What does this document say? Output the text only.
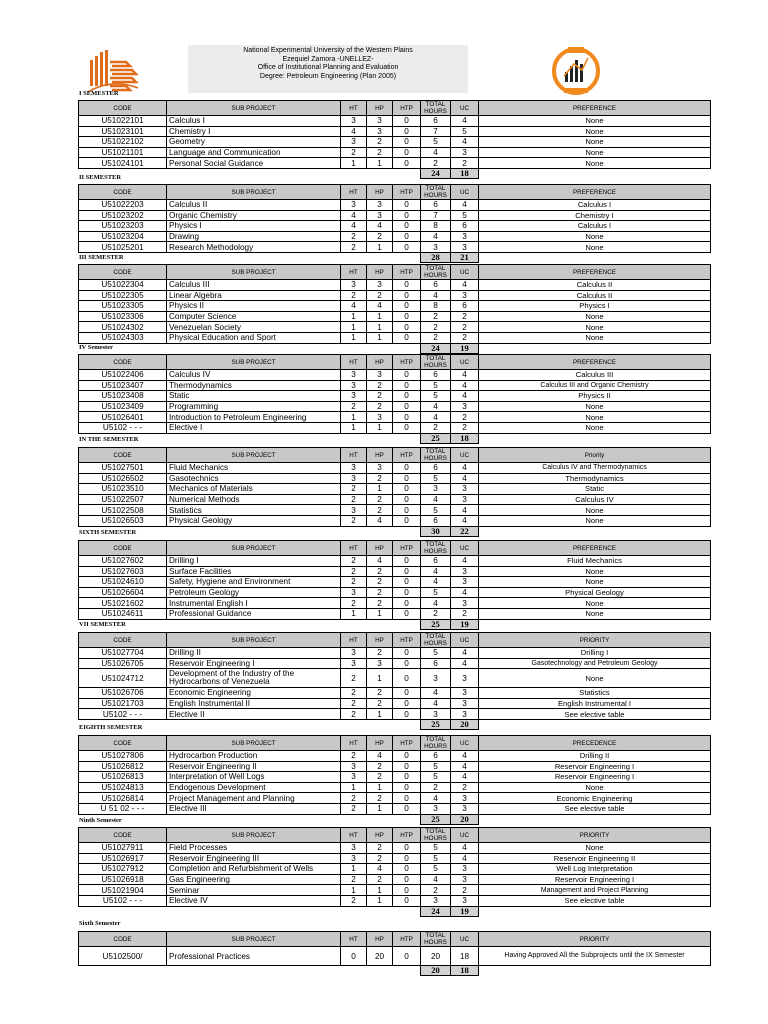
National Experimental University of the Western Plains
Ezequiel Zamora -UNELLEZ-
Office of Institutional Planning and Evaluation
Degree: Petroleum Engineering (Plan 2005)
I SEMESTER
CODE	SUB PROJECT	HT	HP	HTP	TOTAL HOURS	UC	PREFERENCE
U51022101	Calculus I	3	3	0	6	4	None
U51023101	Chemistry I	4	3	0	7	5	None
U51022102	Geometry	3	2	0	5	4	None
U51021101	Language and Communication	2	2	0	4	3	None
U51024101	Personal Social Guidance	1	1	0	2	2	None
					24	18	
II SEMESTER
CODE	SUB PROJECT	HT	HP	HTP	TOTAL HOURS	UC	PREFERENCE
U51022203	Calculus II	3	3	0	6	4	Calculus I
U51023202	Organic Chemistry	4	3	0	7	5	Chemistry I
U51023203	Physics I	4	4	0	8	6	Calculus I
U51023204	Drawing	2	2	0	4	3	None
U51025201	Research Methodology	2	1	0	3	3	None
					28	21	
III SEMESTER
CODE	SUB PROJECT	HT	HP	HTP	TOTAL HOURS	UC	PREFERENCE
U51022304	Calculus III	3	3	0	6	4	Calculus II
U51022305	Linear Algebra	2	2	0	4	3	Calculus II
U51023305	Physics II	4	4	0	8	6	Physics I
U51023306	Computer Science	1	1	0	2	2	None
U51024302	Venezuelan Society	1	1	0	2	2	None
U51024303	Physical Education and Sport	1	1	0	2	2	None
					24	19	
IV Semester
CODE	SUB PROJECT	HT	HP	HTP	TOTAL HOURS	UC	PREFERENCE
U51022406	Calculus IV	3	3	0	6	4	Calculus III
U51023407	Thermodynamics	3	2	0	5	4	Calculus III and Organic Chemistry
U51023408	Static	3	2	0	5	4	Physics II
U51023409	Programming	2	2	0	4	3	None
U51026401	Introduction to Petroleum Engineering	1	3	0	4	2	None
U5102 - - -	Elective I	1	1	0	2	2	None
					25	18	
IN THE SEMESTER
CODE	SUB PROJECT	HT	HP	HTP	TOTAL HOURS	UC	Priority
U51027501	Fluid Mechanics	3	3	0	6	4	Calculus IV and Thermodynamics
U51026502	Gasotechnics	3	2	0	5	4	Thermodynamics
U51023510	Mechanics of Materials	2	1	0	3	3	Static
U51022507	Numerical Methods	2	2	0	4	3	Calculus IV
U51022508	Statistics	3	2	0	5	4	None
U51026503	Physical Geology	2	4	0	6	4	None
					30	22	
SIXTH SEMESTER
CODE	SUB PROJECT	HT	HP	HTP	TOTAL HOURS	UC	PREFERENCE
U51027602	Drilling I	2	4	0	6	4	Fluid Mechanics
U51027603	Surface Facilities	2	2	0	4	3	None
U51024610	Safety, Hygiene and Environment	2	2	0	4	3	None
U51026604	Petroleum Geology	3	2	0	5	4	Physical Geology
U51021602	Instrumental English I	2	2	0	4	3	None
U51024611	Professional Guidance	1	1	0	2	2	None
					25	19	
VII SEMESTER
CODE	SUB PROJECT	HT	HP	HTP	TOTAL HOURS	UC	PRIORITY
U51027704	Drilling II	3	2	0	5	4	Drilling I
U51026705	Reservoir Engineering I	3	3	0	6	4	Gasotechnology and Petroleum Geology
U51024712	Development of the Industry of the Hydrocarbons of Venezuela	2	1	0	3	3	None
U51026706	Economic Engineering	2	2	0	4	3	Statistics
U51021703	English Instrumental II	2	2	0	4	3	English Instrumental I
U5102 - - -	Elective II	2	1	0	3	3	See elective table
					25	20	
EIGHTH SEMESTER
CODE	SUB PROJECT	HT	HP	HTP	TOTAL HOURS	UC	PRECEDENCE
U51027806	Hydrocarbon Production	2	4	0	6	4	Drilling II
U51026812	Reservoir Engineering II	3	2	0	5	4	Reservoir Engineering I
U51026813	Interpretation of Well Logs	3	2	0	5	4	Reservoir Engineering I
U51024813	Endogenous Development	1	1	0	2	2	None
U51026814	Project Management and Planning	2	2	0	4	3	Economic Engineering
U 51 02 - - -	Elective III	2	1	0	3	3	See elective table
					25	20	
Ninth Semester
CODE	SUB PROJECT	HT	HP	HTP	TOTAL HOURS	UC	PRIORITY
U51027911	Field Processes	3	2	0	5	4	None
U51026917	Reservoir Engineering III	3	2	0	5	4	Reservoir Engineering II
U51027912	Completion and Refurbishment of Wells	1	4	0	5	3	Well Log Interpretation
U51026918	Gas Engineering	2	2	0	4	3	Reservoir Engineering I
U51021904	Seminar	1	1	0	2	2	Management and Project Planning
U5102 - - -	Elective IV	2	1	0	3	3	See elective table
					24	19	
Sixth Semester
CODE	SUB PROJECT	HT	HP	HTP	TOTAL HOURS	UC	PRIORITY
U5102500/	Professional Practices	0	20	0	20	18	Having Approved All the Subprojects until the IX Semester
					20	18	
